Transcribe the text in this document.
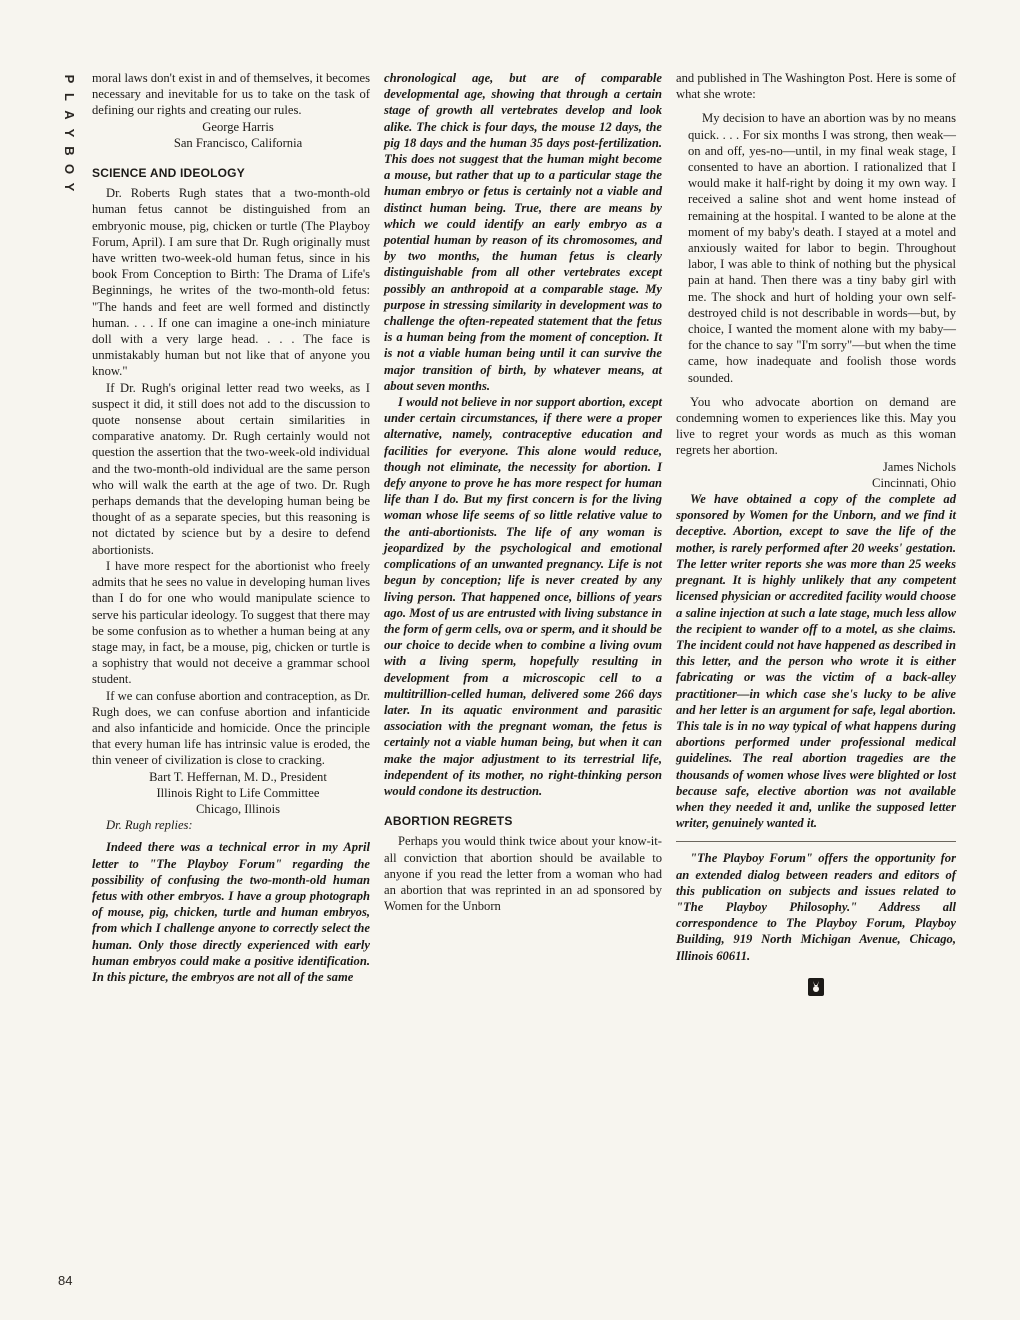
P
L
A
Y
B
O
Y
84

moral laws don't exist in and of themselves, it becomes necessary and inevitable for us to take on the task of defining our rights and creating our rules.

George Harris

San Francisco, California

SCIENCE AND IDEOLOGY

Dr. Roberts Rugh states that a two-month-old human fetus cannot be distinguished from an embryonic mouse, pig, chicken or turtle (The Playboy Forum, April). I am sure that Dr. Rugh originally must have written two-week-old human fetus, since in his book From Conception to Birth: The Drama of Life's Beginnings, he writes of the two-month-old fetus: "The hands and feet are well formed and distinctly human. . . . If one can imagine a one-inch miniature doll with a very large head. . . . The face is unmistakably human but not like that of anyone you know."

If Dr. Rugh's original letter read two weeks, as I suspect it did, it still does not add to the discussion to quote nonsense about certain similarities in comparative anatomy. Dr. Rugh certainly would not question the assertion that the two-week-old individual and the two-month-old individual are the same person who will walk the earth at the age of two. Dr. Rugh perhaps demands that the developing human being be thought of as a separate species, but this reasoning is not dictated by science but by a desire to defend abortionists.

I have more respect for the abortionist who freely admits that he sees no value in developing human lives than I do for one who would manipulate science to serve his particular ideology. To suggest that there may be some confusion as to whether a human being at any stage may, in fact, be a mouse, pig, chicken or turtle is a sophistry that would not deceive a grammar school student.

If we can confuse abortion and contraception, as Dr. Rugh does, we can confuse abortion and infanticide and also infanticide and homicide. Once the principle that every human life has intrinsic value is eroded, the thin veneer of civilization is close to cracking.

Bart T. Heffernan, M. D., President

Illinois Right to Life Committee

Chicago, Illinois

Dr. Rugh replies:

Indeed there was a technical error in my April letter to "The Playboy Forum" regarding the possibility of confusing the two-month-old human fetus with other embryos. I have a group photograph of mouse, pig, chicken, turtle and human embryos, from which I challenge anyone to correctly select the human. Only those directly experienced with early human embryos could make a positive identification. In this picture, the embryos are not all of the same

chronological age, but are of comparable developmental age, showing that through a certain stage of growth all vertebrates develop and look alike. The chick is four days, the mouse 12 days, the pig 18 days and the human 35 days post-fertilization. This does not suggest that the human might become a mouse, but rather that up to a particular stage the human embryo or fetus is certainly not a viable and distinct human being. True, there are means by which we could identify an early embryo as a potential human by reason of its chromosomes, and by two months, the human fetus is clearly distinguishable from all other vertebrates except possibly an anthropoid at a comparable stage. My purpose in stressing similarity in development was to challenge the often-repeated statement that the fetus is a human being from the moment of conception. It is not a viable human being until it can survive the major transition of birth, by whatever means, at about seven months.

I would not believe in nor support abortion, except under certain circumstances, if there were a proper alternative, namely, contraceptive education and facilities for everyone. This alone would reduce, though not eliminate, the necessity for abortion. I defy anyone to prove he has more respect for human life than I do. But my first concern is for the living woman whose life seems of so little relative value to the anti-abortionists. The life of any woman is jeopardized by the psychological and emotional complications of an unwanted pregnancy. Life is not begun by conception; life is never created by any living person. That happened once, billions of years ago. Most of us are entrusted with living substance in the form of germ cells, ova or sperm, and it should be our choice to decide when to combine a living ovum with a living sperm, hopefully resulting in development from a microscopic cell to a multitrillion-celled human, delivered some 266 days later. In its aquatic environment and parasitic association with the pregnant woman, the fetus is certainly not a viable human being, but when it can make the major adjustment to its terrestrial life, independent of its mother, no right-thinking person would condone its destruction.

ABORTION REGRETS

Perhaps you would think twice about your know-it-all conviction that abortion should be available to anyone if you read the letter from a woman who had an abortion that was reprinted in an ad sponsored by Women for the Unborn

and published in The Washington Post. Here is some of what she wrote:

My decision to have an abortion was by no means quick. . . . For six months I was strong, then weak—on and off, yes-no—until, in my final weak stage, I consented to have an abortion. I rationalized that I would make it half-right by doing it my own way. I received a saline shot and went home instead of remaining at the hospital. I wanted to be alone at the moment of my baby's death. I stayed at a motel and anxiously waited for labor to begin. Throughout labor, I was able to think of nothing but the physical pain at hand. Then there was a tiny baby girl with me. The shock and hurt of holding your own self-destroyed child is not describable in words—but, by choice, I wanted the moment alone with my baby—for the chance to say "I'm sorry"—but when the time came, how inadequate and foolish those words sounded.

You who advocate abortion on demand are condemning women to experiences like this. May you live to regret your words as much as this woman regrets her abortion.

James Nichols

Cincinnati, Ohio

We have obtained a copy of the complete ad sponsored by Women for the Unborn, and we find it deceptive. Abortion, except to save the life of the mother, is rarely performed after 20 weeks' gestation. The letter writer reports she was more than 25 weeks pregnant. It is highly unlikely that any competent licensed physician or accredited facility would choose a saline injection at such a late stage, much less allow the recipient to wander off to a motel, as she claims. The incident could not have happened as described in this letter, and the person who wrote it is either fabricating or was the victim of a back-alley practitioner—in which case she's lucky to be alive and her letter is an argument for safe, legal abortion. This tale is in no way typical of what happens during abortions performed under professional medical guidelines. The real abortion tragedies are the thousands of women whose lives were blighted or lost because safe, elective abortion was not available when they needed it and, unlike the supposed letter writer, genuinely wanted it.

"The Playboy Forum" offers the opportunity for an extended dialog between readers and editors of this publication on subjects and issues related to "The Playboy Philosophy." Address all correspondence to The Playboy Forum, Playboy Building, 919 North Michigan Avenue, Chicago, Illinois 60611.
